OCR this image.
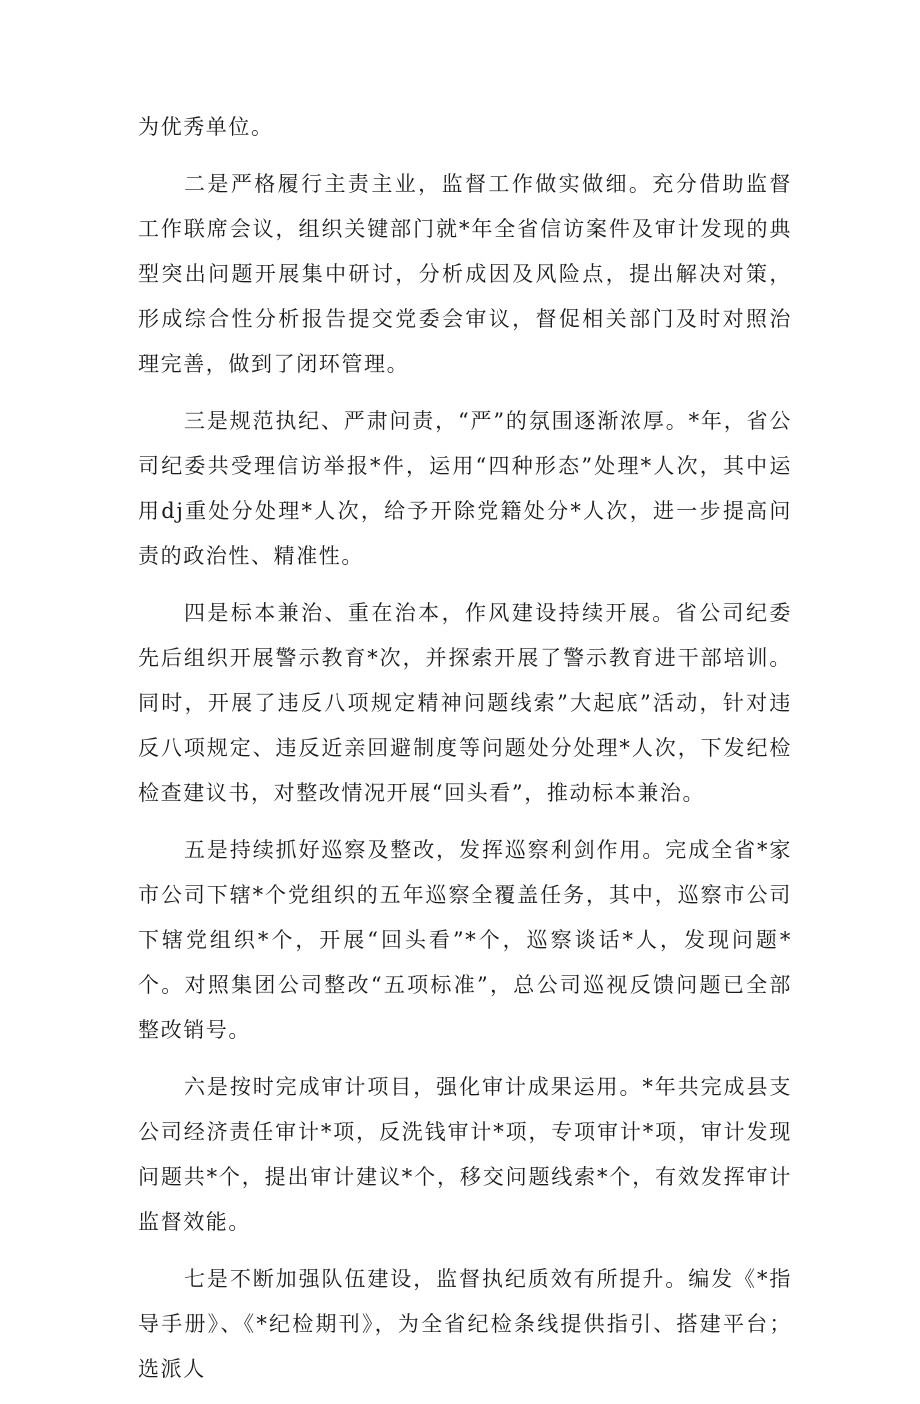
为优秀单位。

二是严格履行主责主业，监督工作做实做细。充分借助监督工作联席会议，组织关键部门就*年全省信访案件及审计发现的典型突出问题开展集中研讨，分析成因及风险点，提出解决对策，形成综合性分析报告提交党委会审议，督促相关部门及时对照治理完善，做到了闭环管理。

三是规范执纪、严肃问责，“严”的氛围逐渐浓厚。*年，省公司纪委共受理信访举报*件，运用“四种形态”处理*人次，其中运用dj重处分处理*人次，给予开除党籍处分*人次，进一步提高问责的政治性、精准性。

四是标本兼治、重在治本，作风建设持续开展。省公司纪委先后组织开展警示教育*次，并探索开展了警示教育进干部培训。同时，开展了违反八项规定精神问题线索”大起底”活动，针对违反八项规定、违反近亲回避制度等问题处分处理*人次，下发纪检检查建议书，对整改情况开展“回头看”，推动标本兼治。

五是持续抓好巡察及整改，发挥巡察利剑作用。完成全省*家市公司下辖*个党组织的五年巡察全覆盖任务，其中，巡察市公司下辖党组织*个，开展“回头看”*个，巡察谈话*人，发现问题*个。对照集团公司整改“五项标准”，总公司巡视反馈问题已全部整改销号。

六是按时完成审计项目，强化审计成果运用。*年共完成县支公司经济责任审计*项，反洗钱审计*项，专项审计*项，审计发现问题共*个，提出审计建议*个，移交问题线索*个，有效发挥审计监督效能。

七是不断加强队伍建设，监督执纪质效有所提升。编发《*指导手册》、《*纪检期刊》，为全省纪检条线提供指引、搭建平台；选派人
